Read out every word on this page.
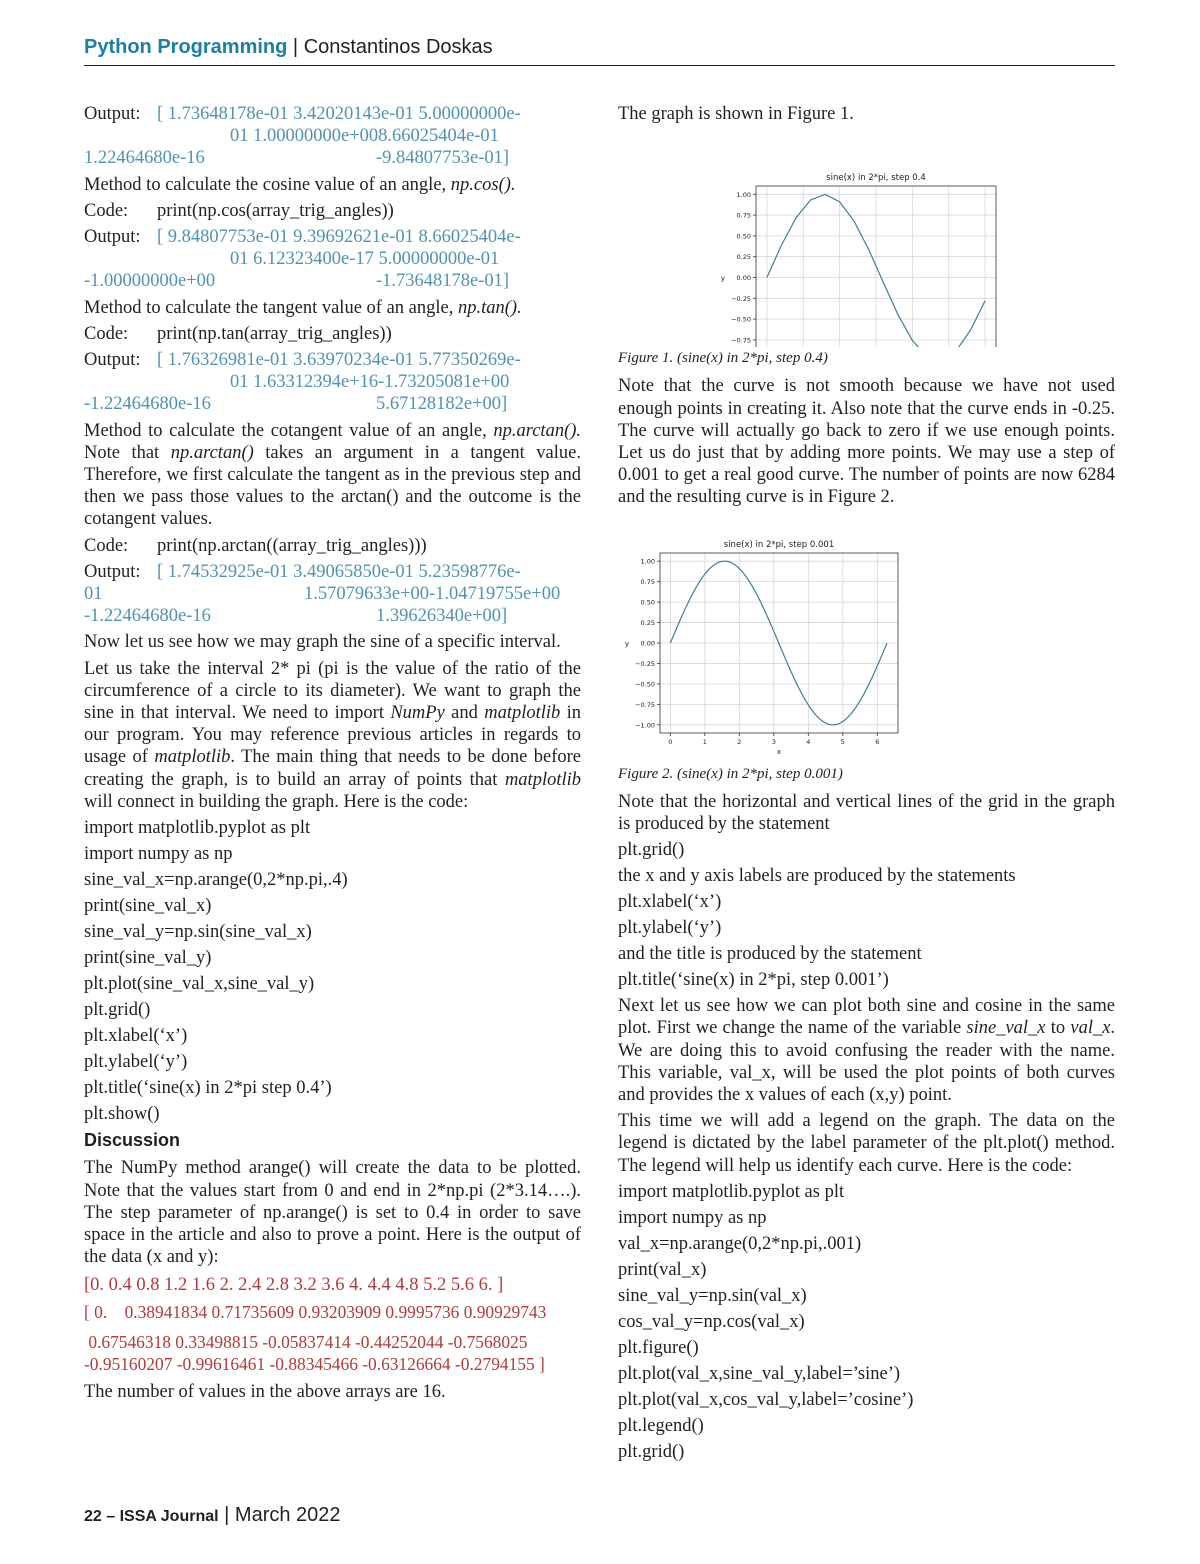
Python Programming | Constantinos Doskas
Output: [ 1.73648178e-01 3.42020143e-01 5.00000000e-
01 1.00000000e+008.66025404e-01
1.22464680e-16	-9.84807753e-01]

Method to calculate the cosine value of an angle, np.cos().

Code: print(np.cos(array_trig_angles))

Output: [ 9.84807753e-01 9.39692621e-01 8.66025404e-
01 6.12323400e-17 5.00000000e-01
-1.00000000e+00	-1.73648178e-01]

Method to calculate the tangent value of an angle, np.tan().

Code: print(np.tan(array_trig_angles))

Output: [ 1.76326981e-01 3.63970234e-01 5.77350269e-
01 1.63312394e+16-1.73205081e+00
-1.22464680e-16	5.67128182e+00]

Method to calculate the cotangent value of an angle, np.arctan(). Note that np.arctan() takes an argument in a tangent value. Therefore, we first calculate the tangent as in the previous step and then we pass those values to the arctan() and the outcome is the cotangent values.

Code: print(np.arctan((array_trig_angles)))

Output: [ 1.74532925e-01 3.49065850e-01 5.23598776e-
01	1.57079633e+00-1.04719755e+00
-1.22464680e-16	1.39626340e+00]

Now let us see how we may graph the sine of a specific interval.

Let us take the interval 2* pi (pi is the value of the ratio of the circumference of a circle to its diameter). We want to graph the sine in that interval. We need to import NumPy and matplotlib in our program. You may reference previous articles in regards to usage of matplotlib. The main thing that needs to be done before creating the graph, is to build an array of points that matplotlib will connect in building the graph. Here is the code:

import matplotlib.pyplot as plt
import numpy as np
sine_val_x=np.arange(0,2*np.pi,.4)
print(sine_val_x)
sine_val_y=np.sin(sine_val_x)
print(sine_val_y)
plt.plot(sine_val_x,sine_val_y)
plt.grid()
plt.xlabel(‘x’)
plt.ylabel(‘y’)
plt.title(‘sine(x) in 2*pi step 0.4’)
plt.show()
Discussion

The NumPy method arange() will create the data to be plotted. Note that the values start from 0 and end in 2*np.pi (2*3.14….). The step parameter of np.arange() is set to 0.4 in order to save space in the article and also to prove a point. Here is the output of the data (x and y):

[0. 0.4 0.8 1.2 1.6 2. 2.4 2.8 3.2 3.6 4. 4.4 4.8 5.2 5.6 6. ]

[ 0.    0.38941834 0.71735609 0.93203909 0.9995736 0.90929743
0.67546318 0.33498815 -0.05837414 -0.44252044 -0.7568025
-0.95160207 -0.99616461 -0.88345466 -0.63126664 -0.2794155 ]

The number of values in the above arrays are 16.

The graph is shown in Figure 1.

sine(x) in 2*pi, step 0.4
1.00
0.75
0.50
0.25
0.00
−0.25
−0.50
−0.75
y

Figure 1. (sine(x) in 2*pi, step 0.4)

Note that the curve is not smooth because we have not used enough points in creating it. Also note that the curve ends in -0.25. The curve will actually go back to zero if we use enough points. Let us do just that by adding more points. We may use a step of 0.001 to get a real good curve. The number of points are now 6284 and the resulting curve is in Figure 2.

sine(x) in 2*pi, step 0.001
1.00
0.75
0.50
0.25
0.00
−0.25
−0.50
−0.75
−1.00
0	1	2	3	4	5	6
y
x

Figure 2. (sine(x) in 2*pi, step 0.001)

Note that the horizontal and vertical lines of the grid in the graph is produced by the statement

plt.grid()

the x and y axis labels are produced by the statements

plt.xlabel(‘x’)

plt.ylabel(‘y’)

and the title is produced by the statement

plt.title(‘sine(x) in 2*pi, step 0.001’)

Next let us see how we can plot both sine and cosine in the same plot. First we change the name of the variable sine_val_x to val_x. We are doing this to avoid confusing the reader with the name. This variable, val_x, will be used the plot points of both curves and provides the x values of each (x,y) point.

This time we will add a legend on the graph. The data on the legend is dictated by the label parameter of the plt.plot() method. The legend will help us identify each curve. Here is the code:

import matplotlib.pyplot as plt
import numpy as np
val_x=np.arange(0,2*np.pi,.001)
print(val_x)
sine_val_y=np.sin(val_x)
cos_val_y=np.cos(val_x)
plt.figure()
plt.plot(val_x,sine_val_y,label=’sine’)
plt.plot(val_x,cos_val_y,label=’cosine’)
plt.legend()
plt.grid()
22 – ISSA Journal | March 2022
